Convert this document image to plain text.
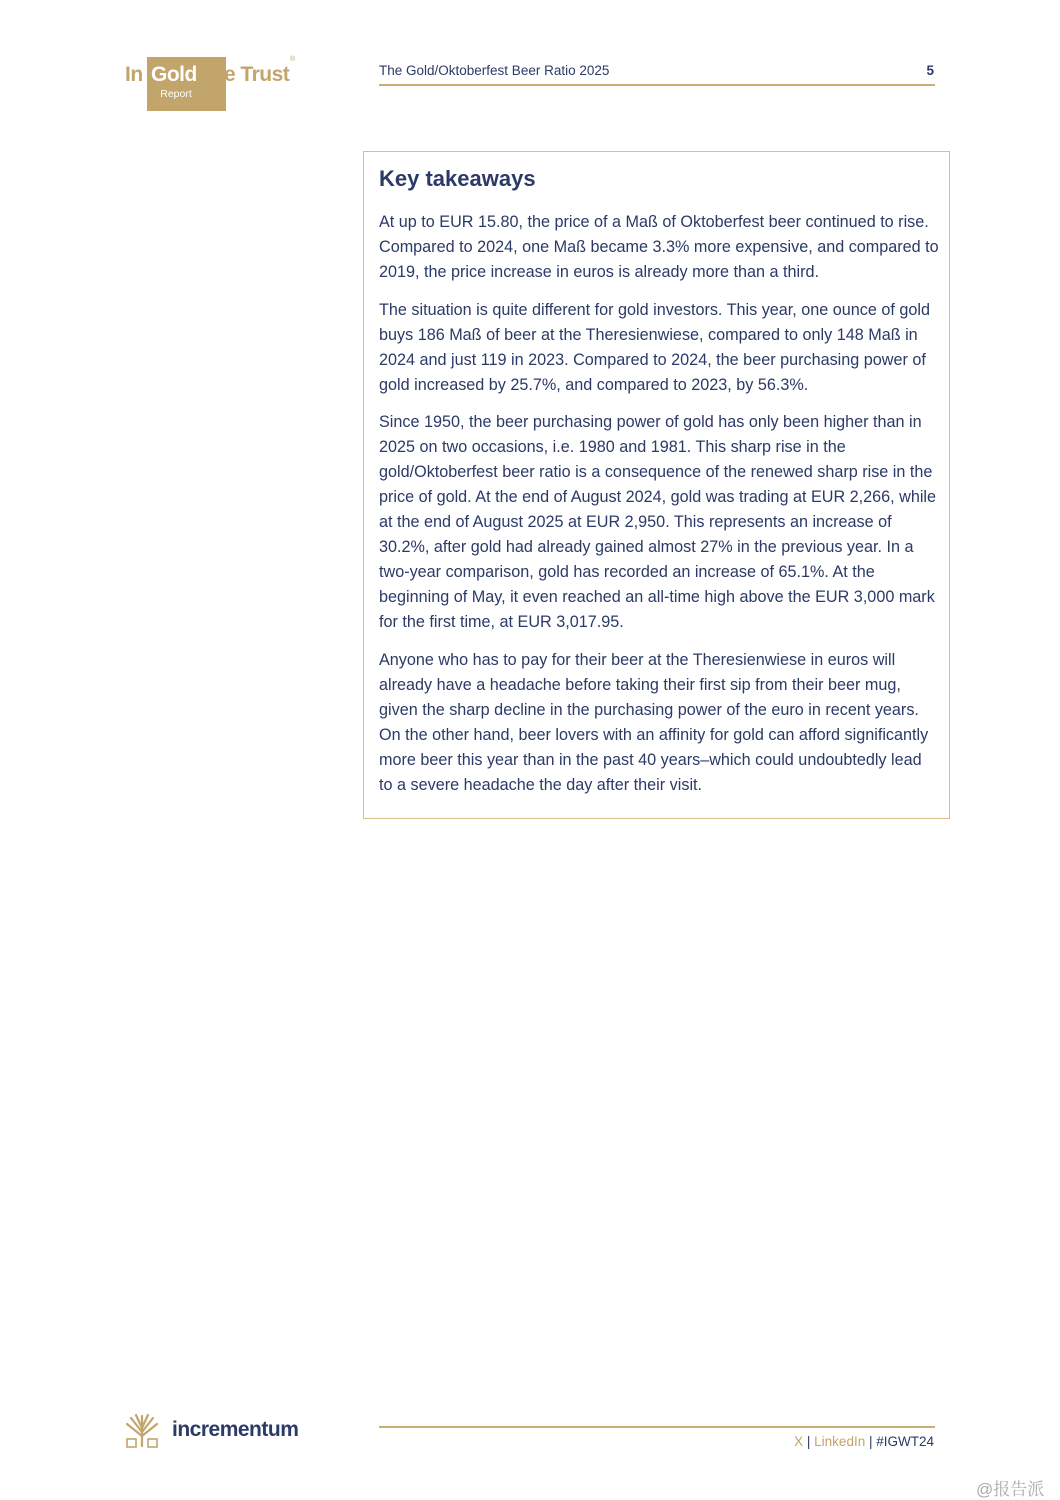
In Gold We Trust
Report
®
The Gold/Oktoberfest Beer Ratio 2025	5
Key takeaways

At up to EUR 15.80, the price of a Maß of Oktoberfest beer continued to rise. Compared to 2024, one Maß became 3.3% more expensive, and compared to 2019, the price increase in euros is already more than a third.

The situation is quite different for gold investors. This year, one ounce of gold buys 186 Maß of beer at the Theresienwiese, compared to only 148 Maß in 2024 and just 119 in 2023. Compared to 2024, the beer purchasing power of gold increased by 25.7%, and compared to 2023, by 56.3%.

Since 1950, the beer purchasing power of gold has only been higher than in 2025 on two occasions, i.e. 1980 and 1981. This sharp rise in the gold/Oktoberfest beer ratio is a consequence of the renewed sharp rise in the price of gold. At the end of August 2024, gold was trading at EUR 2,266, while at the end of August 2025 at EUR 2,950. This represents an increase of 30.2%, after gold had already gained almost 27% in the previous year. In a two-year comparison, gold has recorded an increase of 65.1%. At the beginning of May, it even reached an all-time high above the EUR 3,000 mark for the first time, at EUR 3,017.95.

Anyone who has to pay for their beer at the Theresienwiese in euros will already have a headache before taking their first sip from their beer mug, given the sharp decline in the purchasing power of the euro in recent years. On the other hand, beer lovers with an affinity for gold can afford significantly more beer this year than in the past 40 years–which could undoubtedly lead to a severe headache the day after their visit.

incrementum
X | LinkedIn | #IGWT24
@报告派
